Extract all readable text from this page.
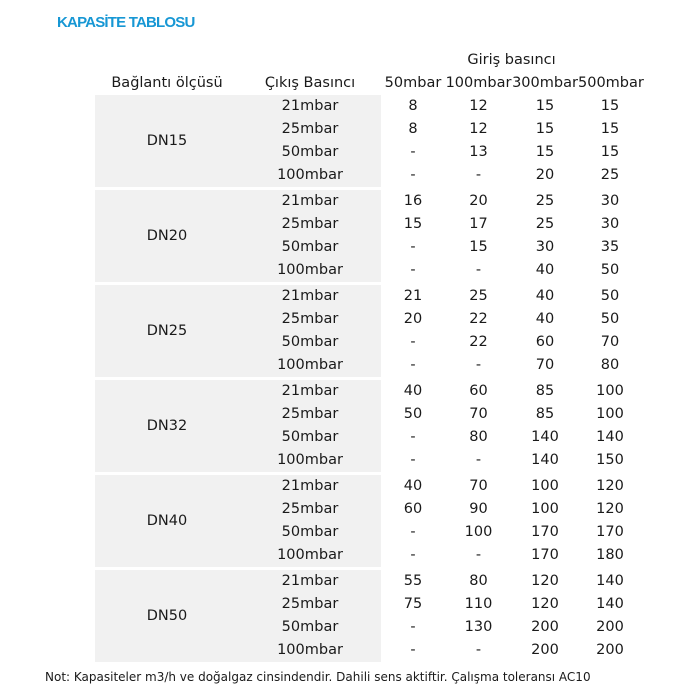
KAPASİTE TABLOSU
		Giriş basıncı			
Bağlantı ölçüsü	Çıkış Basıncı	50mbar	100mbar	300mbar	500mbar
DN15	21mbar	8	12	15	15
	25mbar	8	12	15	15
	50mbar	-	13	15	15
	100mbar	-	-	20	25
DN20	21mbar	16	20	25	30
	25mbar	15	17	25	30
	50mbar	-	15	30	35
	100mbar	-	-	40	50
DN25	21mbar	21	25	40	50
	25mbar	20	22	40	50
	50mbar	-	22	60	70
	100mbar	-	-	70	80
DN32	21mbar	40	60	85	100
	25mbar	50	70	85	100
	50mbar	-	80	140	140
	100mbar	-	-	140	150
DN40	21mbar	40	70	100	120
	25mbar	60	90	100	120
	50mbar	-	100	170	170
	100mbar	-	-	170	180
DN50	21mbar	55	80	120	140
	25mbar	75	110	120	140
	50mbar	-	130	200	200
	100mbar	-	-	200	200
Not: Kapasiteler m3/h ve doğalgaz cinsindendir. Dahili sens aktiftir. Çalışma toleransı AC10
